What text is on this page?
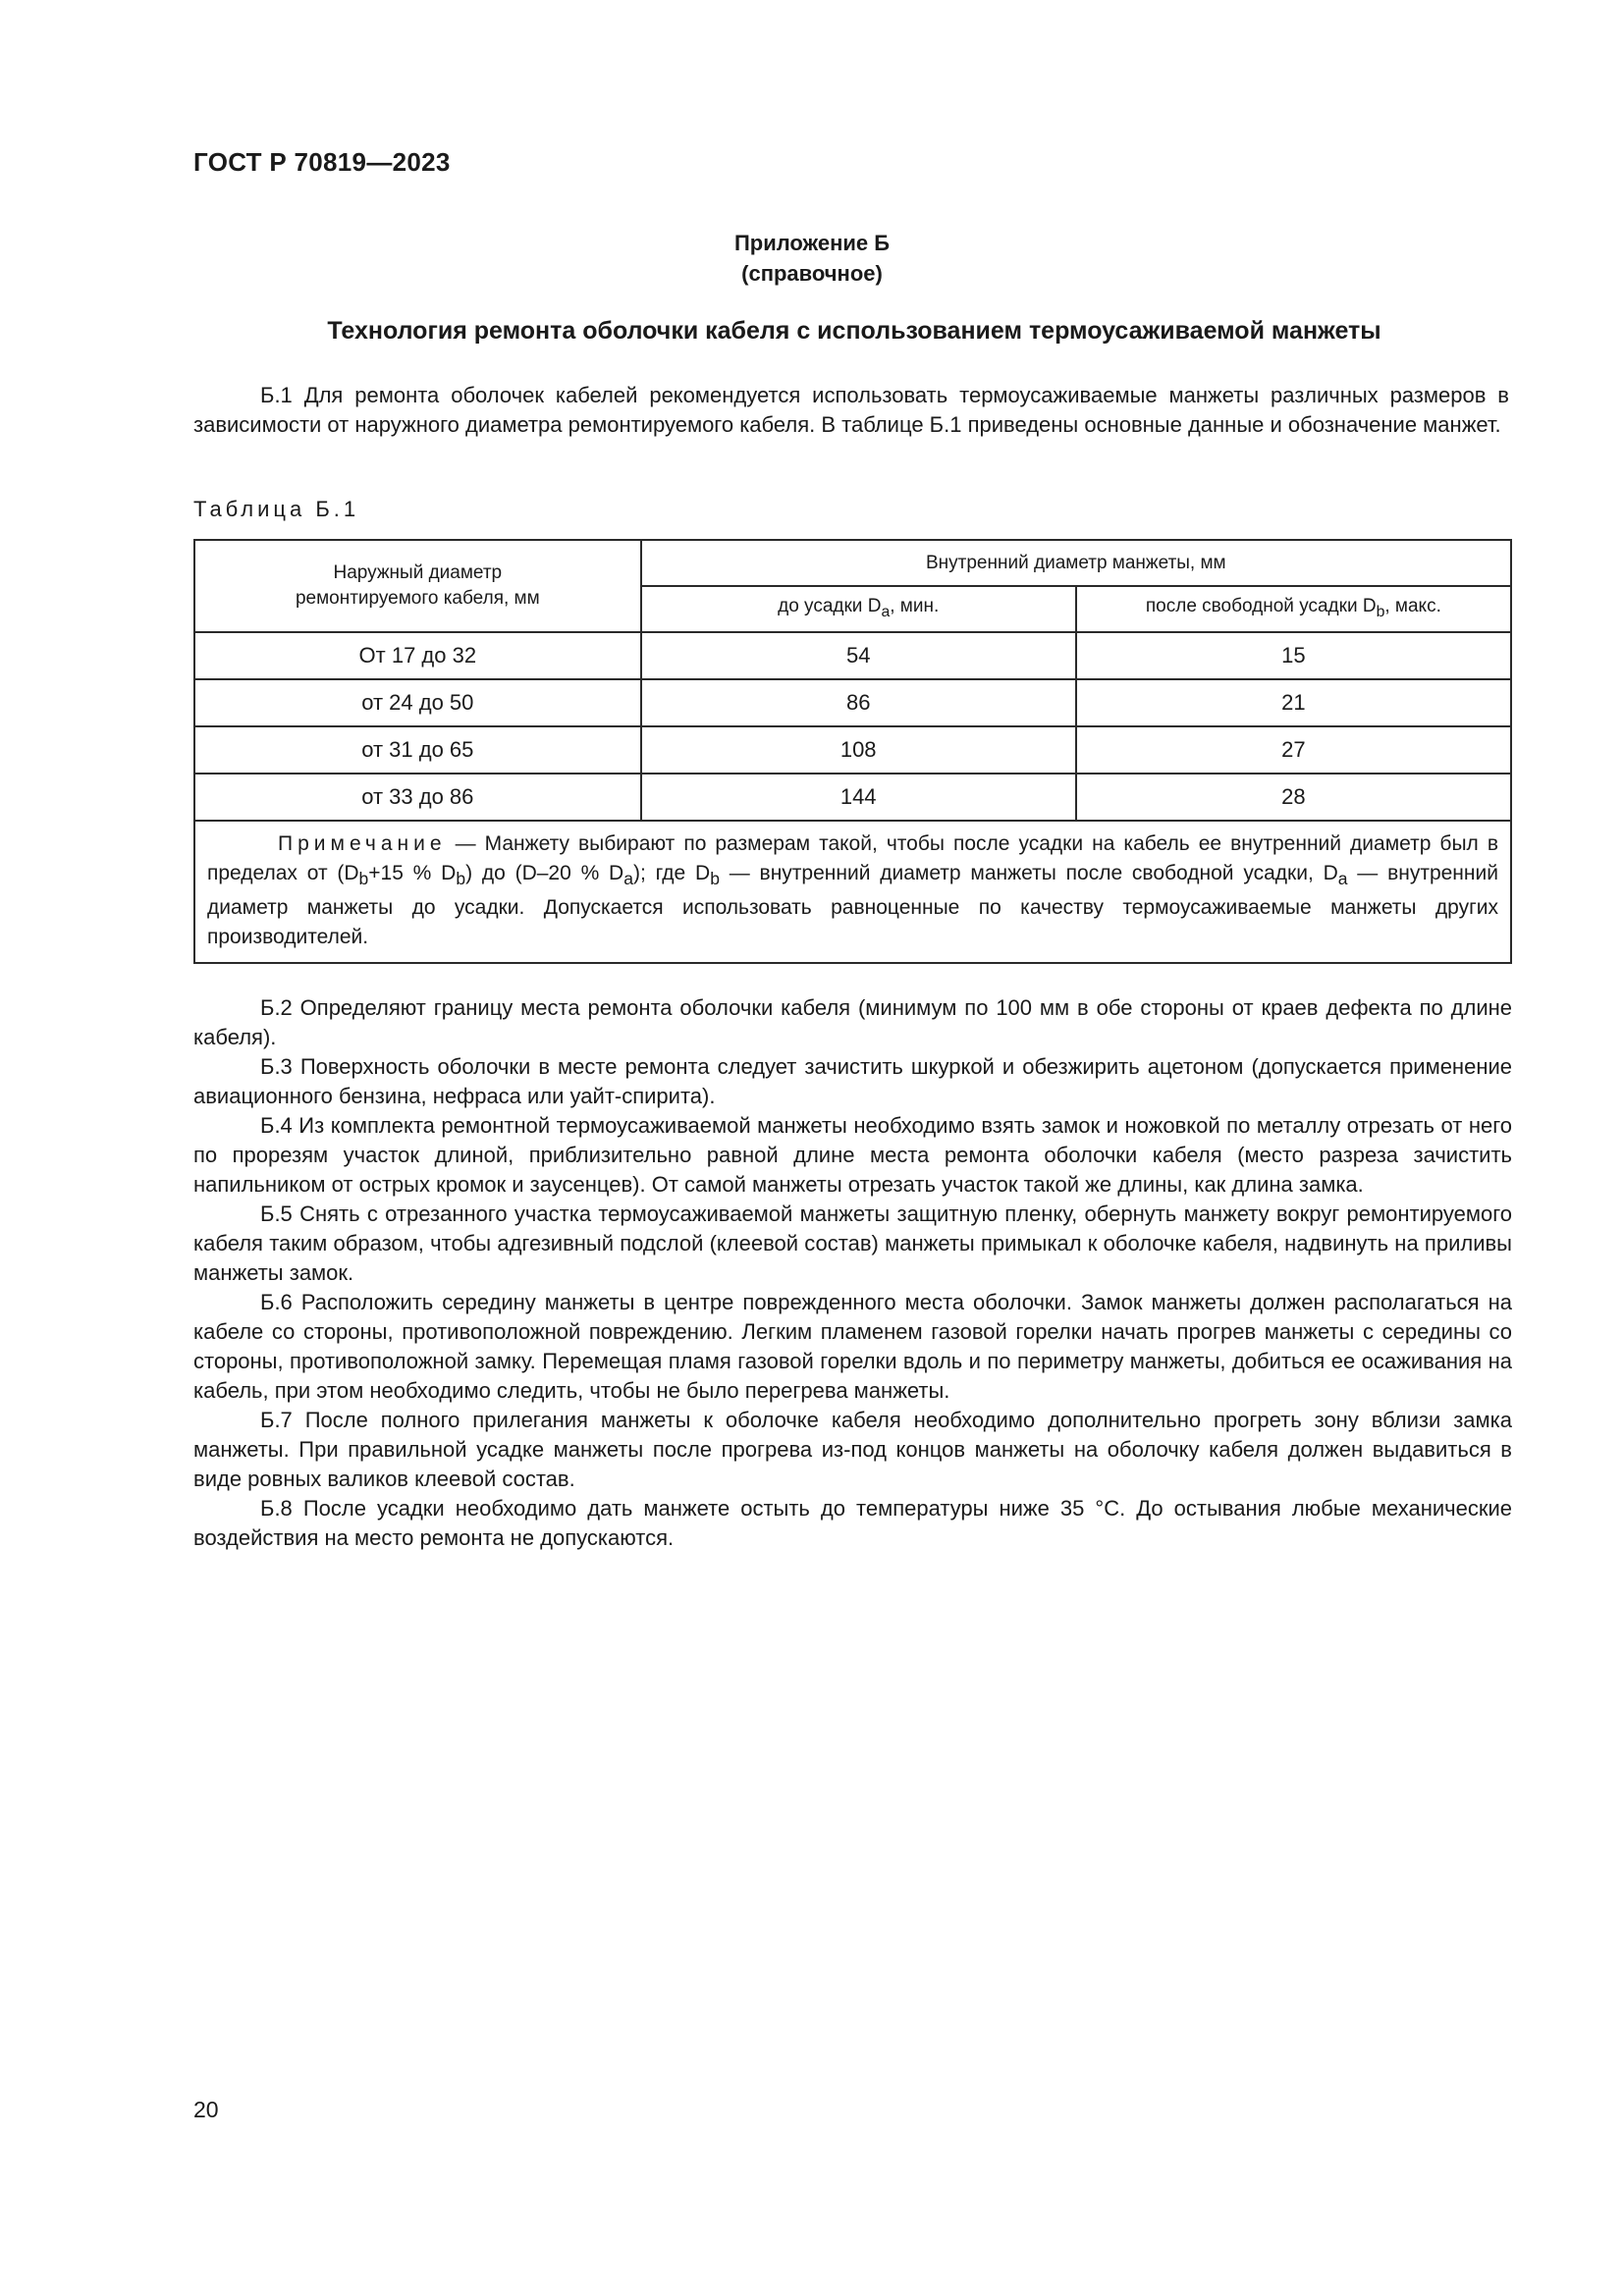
ГОСТ Р 70819—2023
Приложение Б
(справочное)
Технология ремонта оболочки кабеля с использованием термоусаживаемой манжеты

Б.1 Для ремонта оболочек кабелей рекомендуется использовать термоусаживаемые манжеты различных размеров в зависимости от наружного диаметра ремонтируемого кабеля. В таблице Б.1 приведены основные данные и обозначение манжет.

Таблица Б.1
Наружный диаметр ремонтируемого кабеля, мм	Внутренний диаметр манжеты, мм	
	до усадки $D_a$, мин.	после свободной усадки $D_b$, макс.
От 17 до 32	54	15
от 24 до 50	86	21
от 31 до 65	108	27
от 33 до 86	144	28
Примечание — Манжету выбирают по размерам такой, чтобы после усадки на кабель ее внутренний диаметр был в пределах от ($D_b+15$ % $D_b$) до (D–20 % $D_a$); где $D_b$ — внутренний диаметр манжеты после свободной усадки, $D_a$ — внутренний диаметр манжеты до усадки. Допускается использовать равноценные по качеству термоусаживаемые манжеты других производителей.		

Б.2 Определяют границу места ремонта оболочки кабеля (минимум по 100 мм в обе стороны от краев дефекта по длине кабеля).

Б.3 Поверхность оболочки в месте ремонта следует зачистить шкуркой и обезжирить ацетоном (допускается применение авиационного бензина, нефраса или уайт-спирита).

Б.4 Из комплекта ремонтной термоусаживаемой манжеты необходимо взять замок и ножовкой по металлу отрезать от него по прорезям участок длиной, приблизительно равной длине места ремонта оболочки кабеля (место разреза зачистить напильником от острых кромок и заусенцев). От самой манжеты отрезать участок такой же длины, как длина замка.

Б.5 Снять с отрезанного участка термоусаживаемой манжеты защитную пленку, обернуть манжету вокруг ремонтируемого кабеля таким образом, чтобы адгезивный подслой (клеевой состав) манжеты примыкал к оболочке кабеля, надвинуть на приливы манжеты замок.

Б.6 Расположить середину манжеты в центре поврежденного места оболочки. Замок манжеты должен располагаться на кабеле со стороны, противоположной повреждению. Легким пламенем газовой горелки начать прогрев манжеты с середины со стороны, противоположной замку. Перемещая пламя газовой горелки вдоль и по периметру манжеты, добиться ее осаживания на кабель, при этом необходимо следить, чтобы не было перегрева манжеты.

Б.7 После полного прилегания манжеты к оболочке кабеля необходимо дополнительно прогреть зону вблизи замка манжеты. При правильной усадке манжеты после прогрева из-под концов манжеты на оболочку кабеля должен выдавиться в виде ровных валиков клеевой состав.

Б.8 После усадки необходимо дать манжете остыть до температуры ниже 35 °С. До остывания любые механические воздействия на место ремонта не допускаются.

20
